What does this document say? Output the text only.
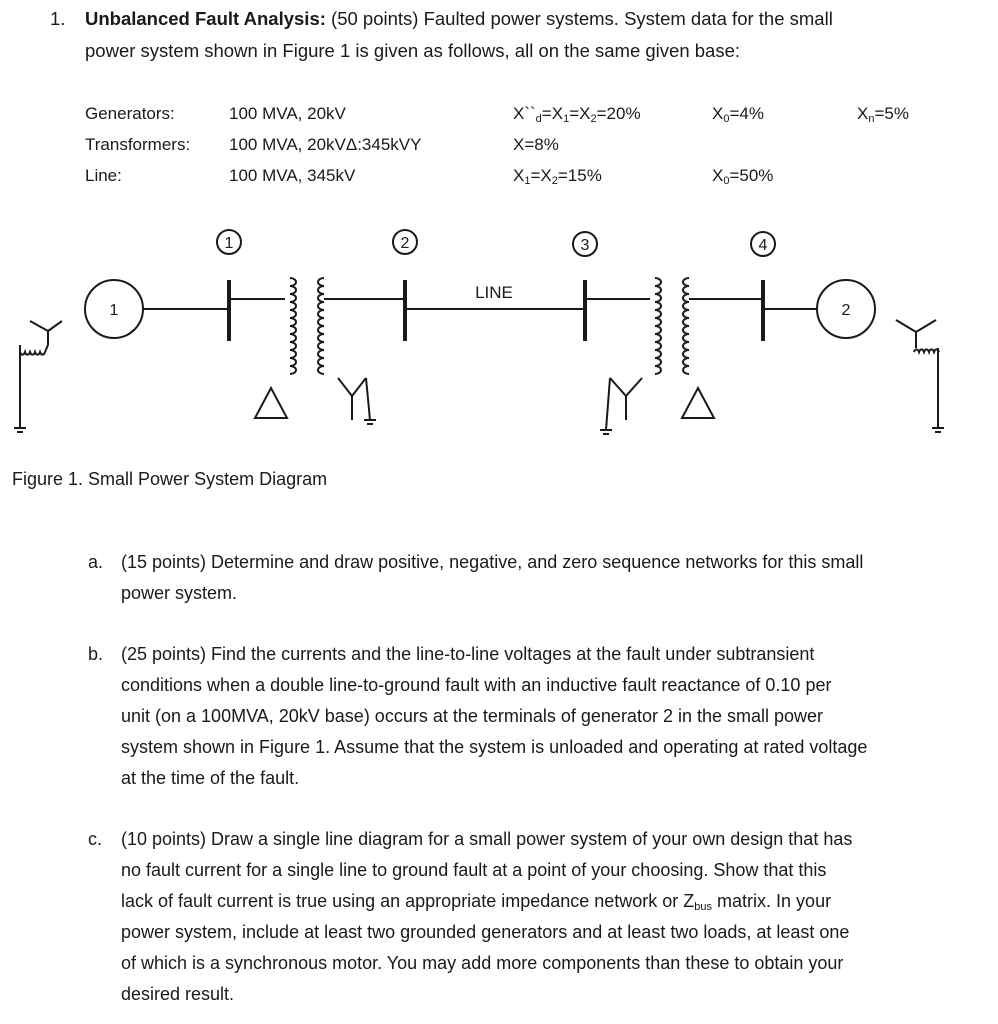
1. Unbalanced Fault Analysis: (50 points) Faulted power systems. System data for the small
power system shown in Figure 1 is given as follows, all on the same given base:
Generators:	100 MVA, 20kV	$X``_d=X_1=X_2=20\%$	$X_0=4\%$	$X_n=5\%$
Transformers: 100 MVA, 20kVΔ:345kVY	X=8%
Line:	100 MVA, 345kV	$X_1=X_2=15\%$	$X_0=50\%$
1	2	3	4
1	2
LINE
Figure 1. Small Power System Diagram
a. (15 points) Determine and draw positive, negative, and zero sequence networks for this small
power system.
b. (25 points) Find the currents and the line-to-line voltages at the fault under subtransient
conditions when a double line-to-ground fault with an inductive fault reactance of 0.10 per
unit (on a 100MVA, 20kV base) occurs at the terminals of generator 2 in the small power
system shown in Figure 1. Assume that the system is unloaded and operating at rated voltage
at the time of the fault.
c. (10 points) Draw a single line diagram for a small power system of your own design that has
no fault current for a single line to ground fault at a point of your choosing. Show that this
lack of fault current is true using an appropriate impedance network or $Z_{bus}$ matrix. In your
power system, include at least two grounded generators and at least two loads, at least one
of which is a synchronous motor. You may add more components than these to obtain your
desired result.
